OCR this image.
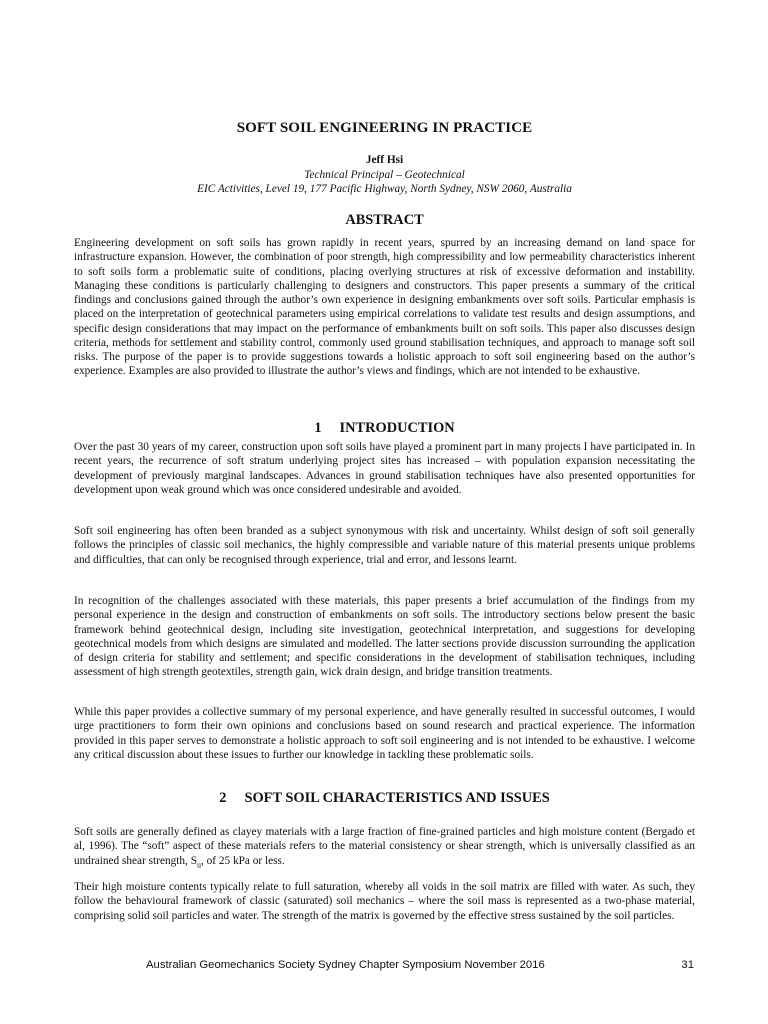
SOFT SOIL ENGINEERING IN PRACTICE
Jeff Hsi
Technical Principal – Geotechnical
EIC Activities, Level 19, 177 Pacific Highway, North Sydney, NSW 2060, Australia
ABSTRACT

Engineering development on soft soils has grown rapidly in recent years, spurred by an increasing demand on land space for infrastructure expansion. However, the combination of poor strength, high compressibility and low permeability characteristics inherent to soft soils form a problematic suite of conditions, placing overlying structures at risk of excessive deformation and instability. Managing these conditions is particularly challenging to designers and constructors. This paper presents a summary of the critical findings and conclusions gained through the author’s own experience in designing embankments over soft soils. Particular emphasis is placed on the interpretation of geotechnical parameters using empirical correlations to validate test results and design assumptions, and specific design considerations that may impact on the performance of embankments built on soft soils. This paper also discusses design criteria, methods for settlement and stability control, commonly used ground stabilisation techniques, and approach to manage soft soil risks. The purpose of the paper is to provide suggestions towards a holistic approach to soft soil engineering based on the author’s experience. Examples are also provided to illustrate the author’s views and findings, which are not intended to be exhaustive.

1 INTRODUCTION

Over the past 30 years of my career, construction upon soft soils have played a prominent part in many projects I have participated in. In recent years, the recurrence of soft stratum underlying project sites has increased – with population expansion necessitating the development of previously marginal landscapes. Advances in ground stabilisation techniques have also presented opportunities for development upon weak ground which was once considered undesirable and avoided.

Soft soil engineering has often been branded as a subject synonymous with risk and uncertainty. Whilst design of soft soil generally follows the principles of classic soil mechanics, the highly compressible and variable nature of this material presents unique problems and difficulties, that can only be recognised through experience, trial and error, and lessons learnt.

In recognition of the challenges associated with these materials, this paper presents a brief accumulation of the findings from my personal experience in the design and construction of embankments on soft soils. The introductory sections below present the basic framework behind geotechnical design, including site investigation, geotechnical interpretation, and suggestions for developing geotechnical models from which designs are simulated and modelled. The latter sections provide discussion surrounding the application of design criteria for stability and settlement; and specific considerations in the development of stabilisation techniques, including assessment of high strength geotextiles, strength gain, wick drain design, and bridge transition treatments.

While this paper provides a collective summary of my personal experience, and have generally resulted in successful outcomes, I would urge practitioners to form their own opinions and conclusions based on sound research and practical experience. The information provided in this paper serves to demonstrate a holistic approach to soft soil engineering and is not intended to be exhaustive. I welcome any critical discussion about these issues to further our knowledge in tackling these problematic soils.

2 SOFT SOIL CHARACTERISTICS AND ISSUES

Soft soils are generally defined as clayey materials with a large fraction of fine-grained particles and high moisture content (Bergado et al, 1996). The “soft” aspect of these materials refers to the material consistency or shear strength, which is universally classified as an undrained shear strength, $S_u$, of 25 kPa or less.

Their high moisture contents typically relate to full saturation, whereby all voids in the soil matrix are filled with water. As such, they follow the behavioural framework of classic (saturated) soil mechanics – where the soil mass is represented as a two-phase material, comprising solid soil particles and water. The strength of the matrix is governed by the effective stress sustained by the soil particles.

Australian Geomechanics Society Sydney Chapter Symposium November 2016	31
